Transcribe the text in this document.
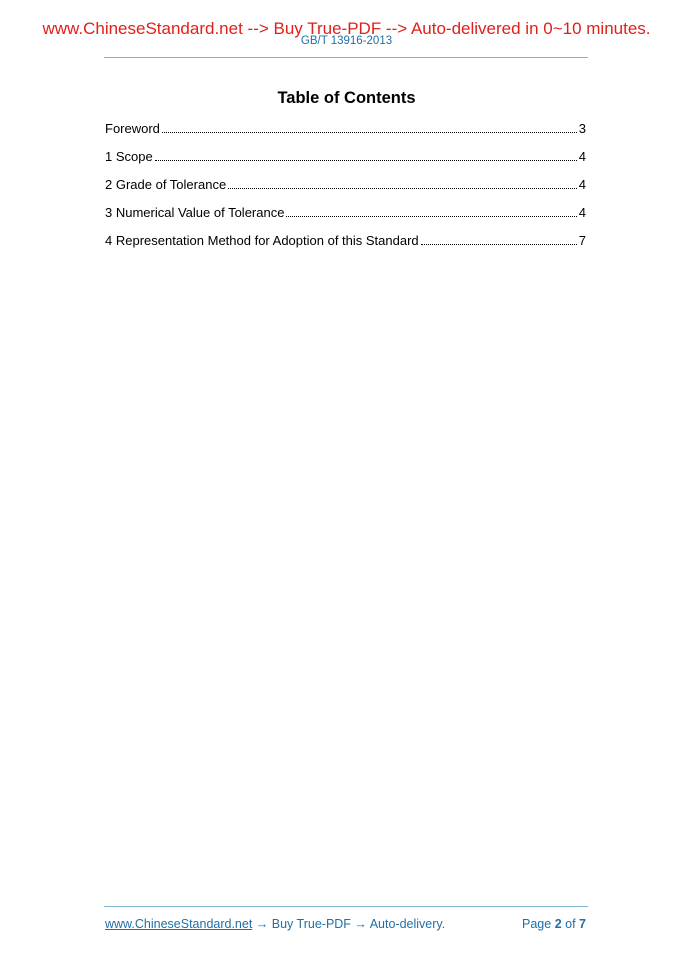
www.ChineseStandard.net --> Buy True-PDF --> Auto-delivered in 0~10 minutes.
GB/T 13916-2013
Table of Contents
Foreword	3
1 Scope	4
2 Grade of Tolerance	4
3 Numerical Value of Tolerance	4
4 Representation Method for Adoption of this Standard	7
www.ChineseStandard.net → Buy True-PDF → Auto-delivery.	Page 2 of 7
